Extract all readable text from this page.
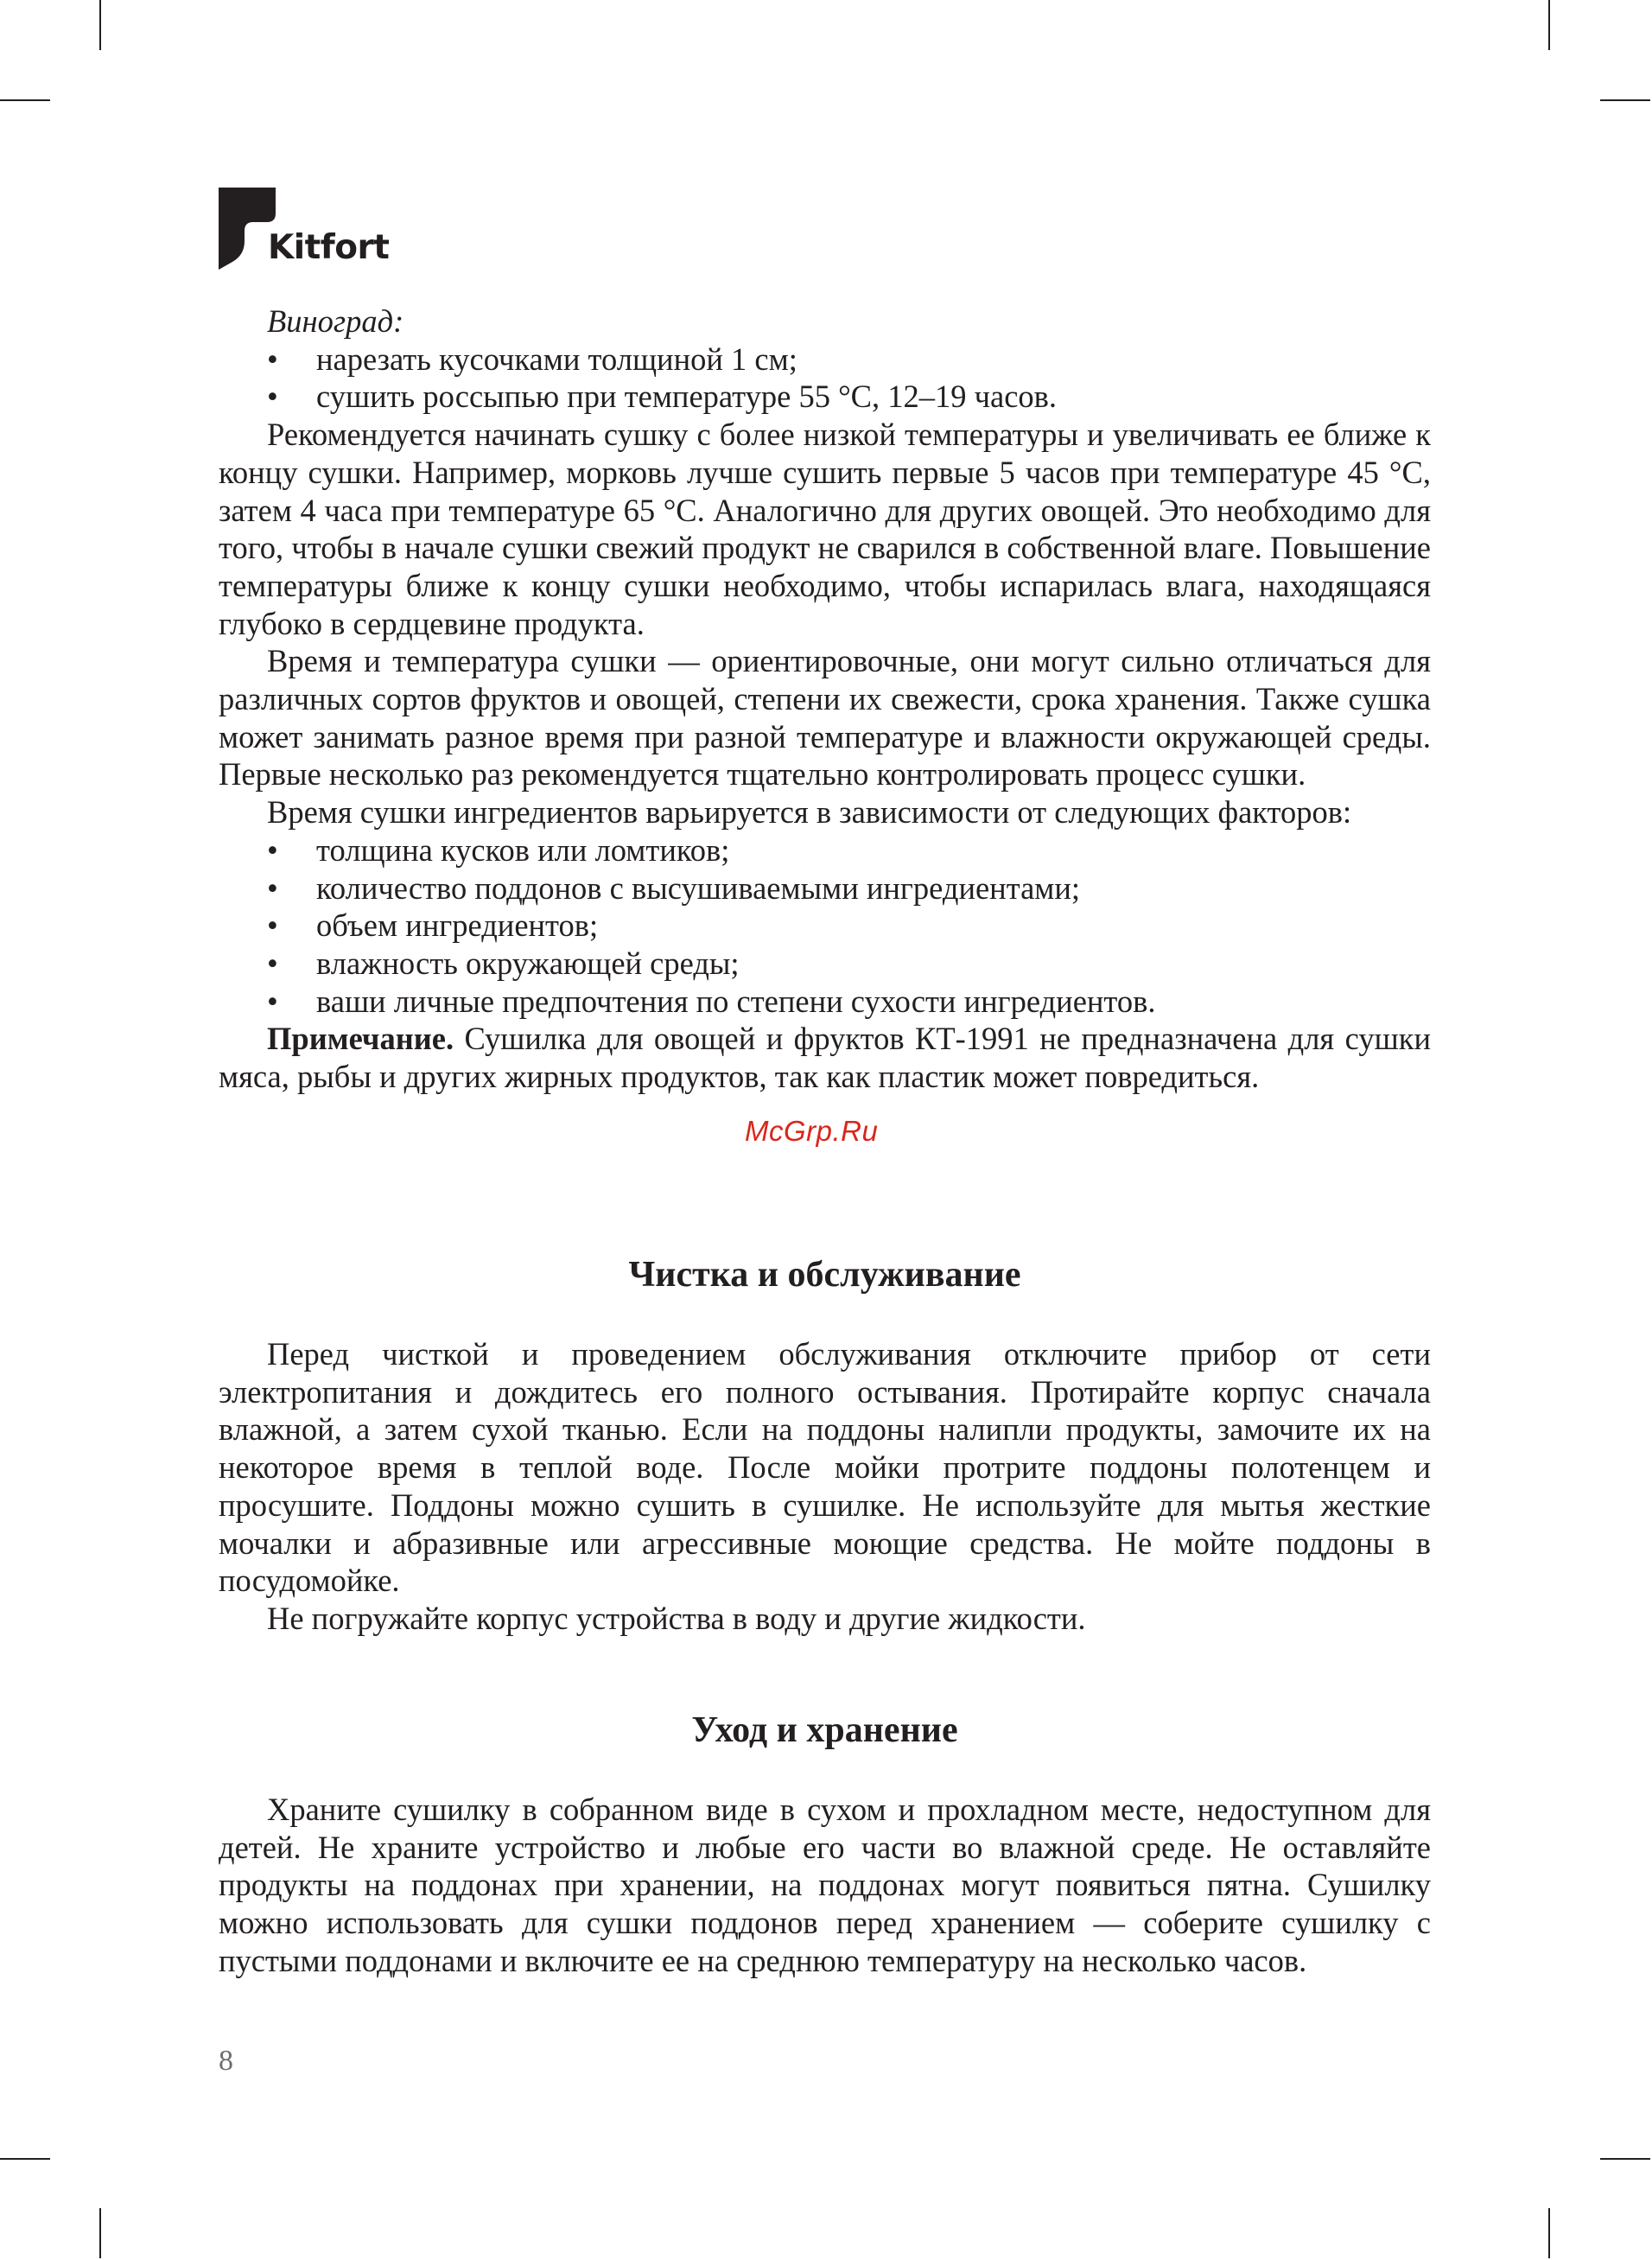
Kitfort
Виноград:
• нарезать кусочками толщиной 1 см;
• сушить россыпью при температуре 55 °С, 12–19 часов.

Рекомендуется начинать сушку с более низкой температуры и увеличивать ее ближе к концу сушки. Например, морковь лучше сушить первые 5 часов при температуре 45 °С, затем 4 часа при температуре 65 °С. Аналогично для других овощей. Это необходимо для того, чтобы в начале сушки свежий продукт не сварился в собственной влаге. Повышение температуры ближе к концу сушки необходимо, чтобы испарилась влага, находящаяся глубоко в сердцевине продукта.

Время и температура сушки — ориентировочные, они могут сильно отличаться для различных сортов фруктов и овощей, степени их свежести, срока хранения. Также сушка может занимать разное время при разной температуре и влажности окружающей среды. Первые несколько раз рекомендуется тщательно контролировать процесс сушки.

Время сушки ингредиентов варьируется в зависимости от следующих факторов:

• толщина кусков или ломтиков;
• количество поддонов с высушиваемыми ингредиентами;
• объем ингредиентов;
• влажность окружающей среды;
• ваши личные предпочтения по степени сухости ингредиентов.

Примечание. Сушилка для овощей и фруктов КТ-1991 не предназначена для сушки мяса, рыбы и других жирных продуктов, так как пластик может повредиться.

McGrp.Ru
Чистка и обслуживание

Перед чисткой и проведением обслуживания отключите прибор от сети электропитания и дождитесь его полного остывания. Протирайте корпус сначала влажной, а затем сухой тканью. Если на поддоны налипли продукты, замочите их на некоторое время в теплой воде. После мойки протрите поддоны полотенцем и просушите. Поддоны можно сушить в сушилке. Не используйте для мытья жесткие мочалки и абразивные или агрессивные моющие средства. Не мойте поддоны в посудомойке.

Не погружайте корпус устройства в воду и другие жидкости.

Уход и хранение

Храните сушилку в собранном виде в сухом и прохладном месте, недоступном для детей. Не храните устройство и любые его части во влажной среде. Не оставляйте продукты на поддонах при хранении, на поддонах могут появиться пятна. Сушилку можно использовать для сушки поддонов перед хранением — соберите сушилку с пустыми поддонами и включите ее на среднюю температуру на несколько часов.

8
